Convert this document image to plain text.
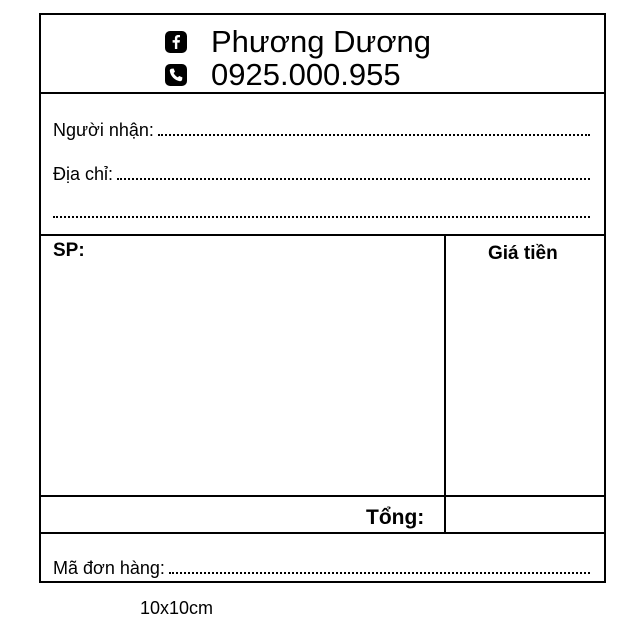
Phương Dương
0925.000.955
Người nhận:
Địa chỉ:
SP:	Giá tiền
Tổng:
Mã đơn hàng:
10x10cm
